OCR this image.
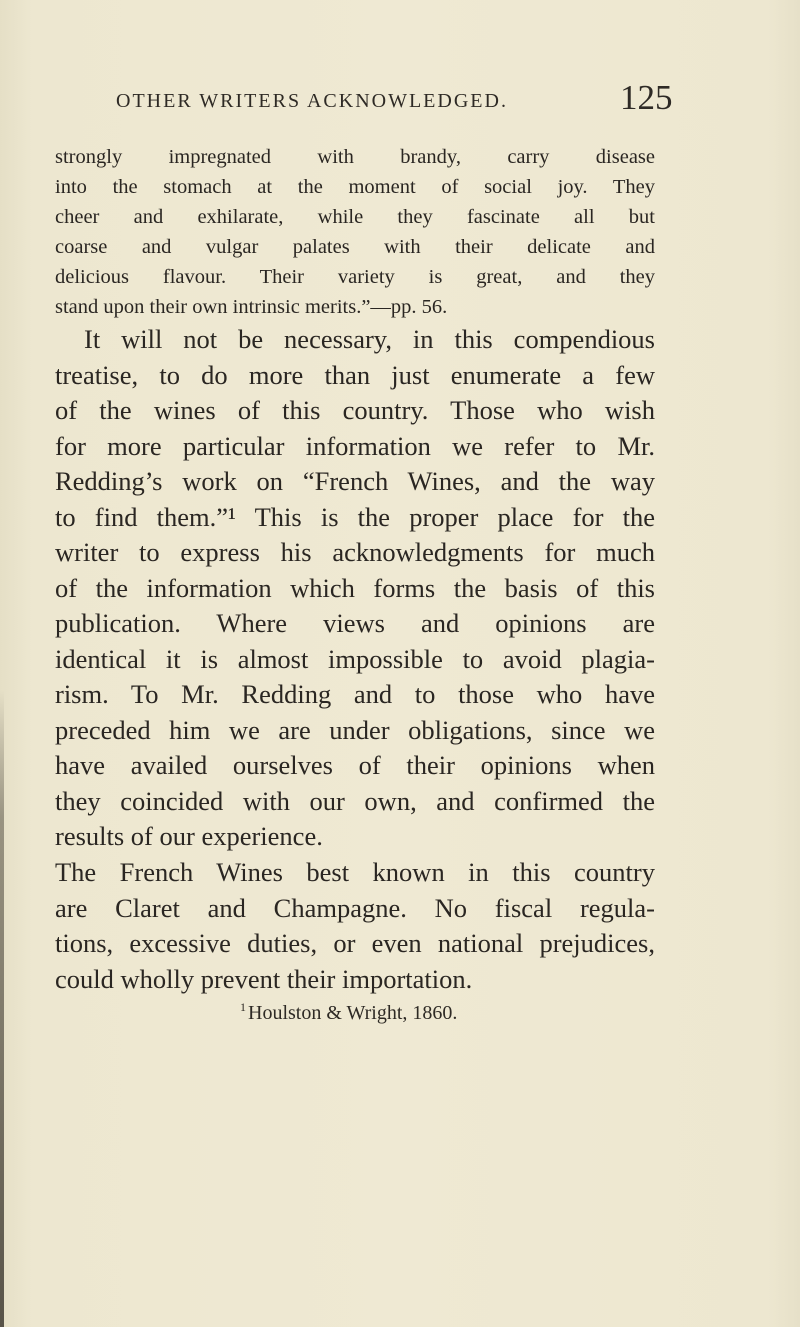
OTHER WRITERS ACKNOWLEDGED.	125
strongly impregnated with brandy, carry disease
into the stomach at the moment of social joy. They
cheer and exhilarate, while they fascinate all but
coarse and vulgar palates with their delicate and
delicious flavour. Their variety is great, and they
stand upon their own intrinsic merits.”—pp. 56.
It will not be necessary, in this compendious
treatise, to do more than just enumerate a few
of the wines of this country. Those who wish
for more particular information we refer to Mr.
Redding’s work on “French Wines, and the way
to find them.”¹ This is the proper place for the
writer to express his acknowledgments for much
of the information which forms the basis of this
publication. Where views and opinions are
identical it is almost impossible to avoid plagia-
rism. To Mr. Redding and to those who have
preceded him we are under obligations, since we
have availed ourselves of their opinions when
they coincided with our own, and confirmed the
results of our experience.
The French Wines best known in this country
are Claret and Champagne. No fiscal regula-
tions, excessive duties, or even national prejudices,
could wholly prevent their importation.
$^1$ Houlston & Wright, 1860.
